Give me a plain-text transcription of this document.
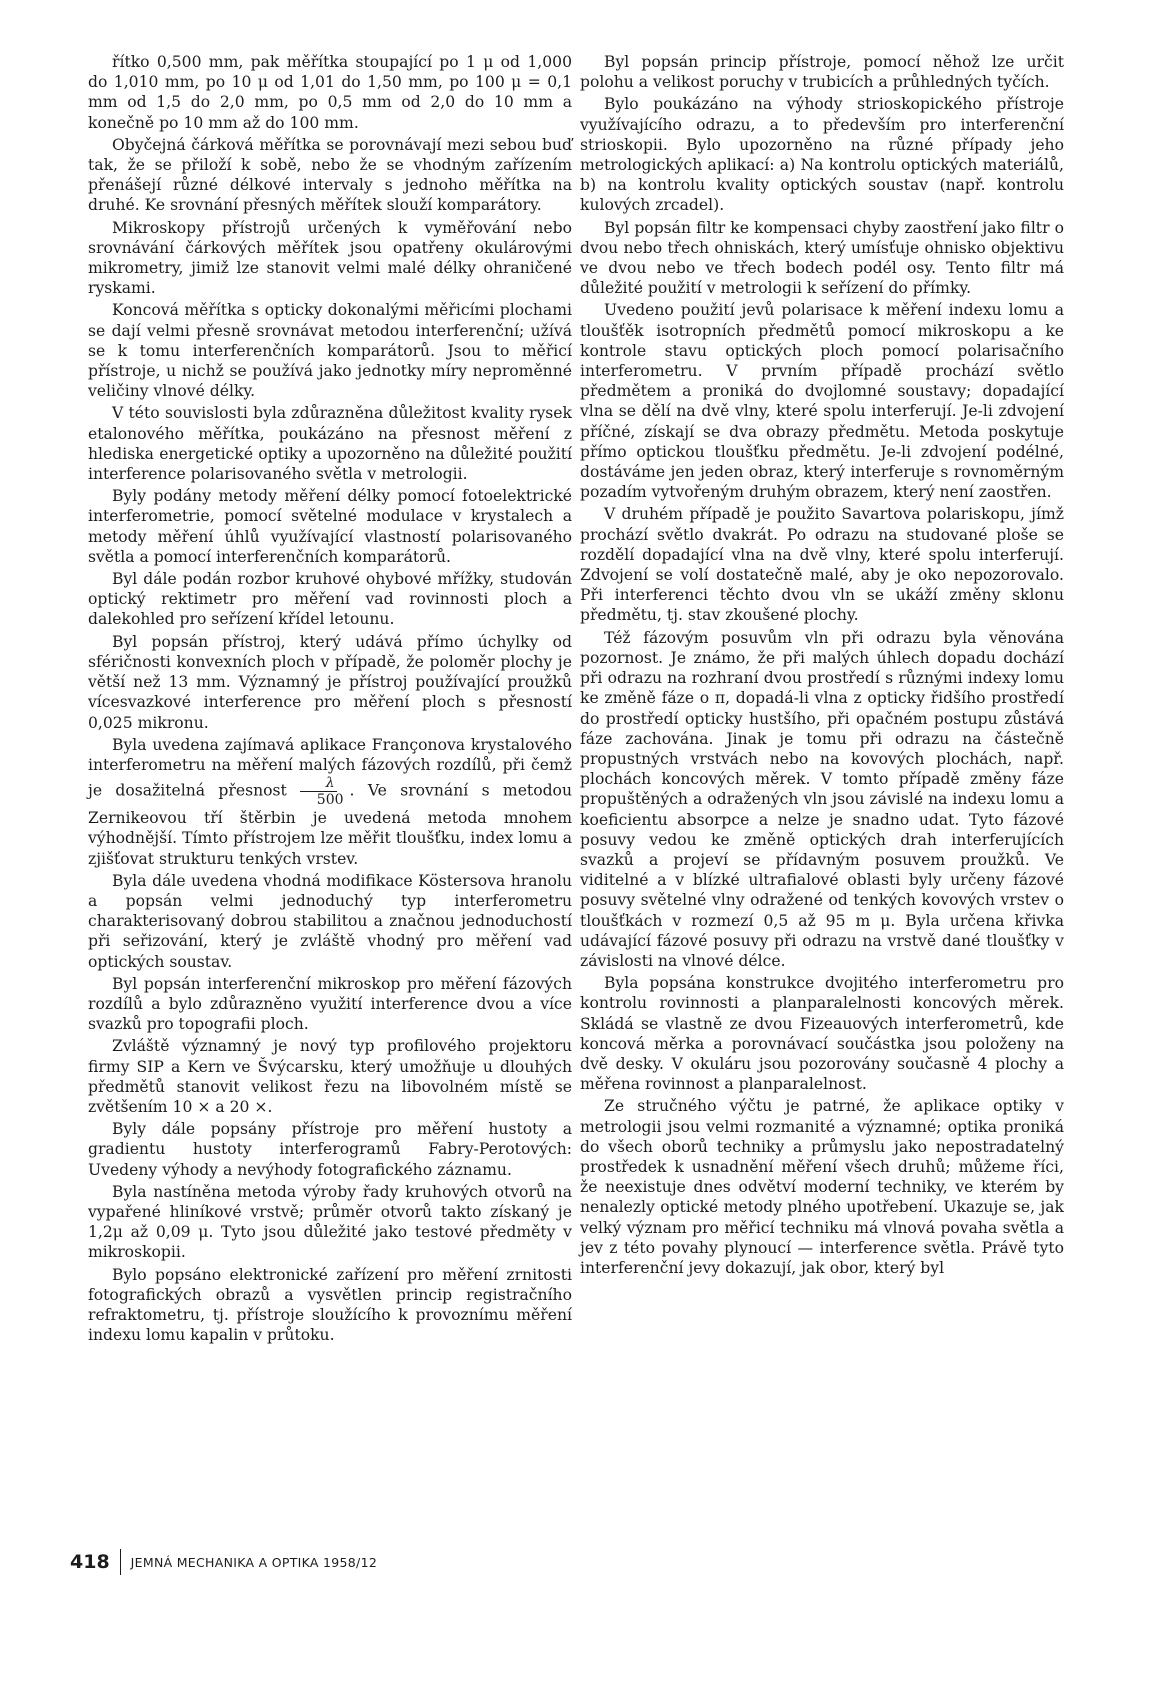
řítko 0,500 mm, pak měřítka stoupající po 1 μ od 1,000 do 1,010 mm, po 10 μ od 1,01 do 1,50 mm, po 100 μ = 0,1 mm od 1,5 do 2,0 mm, po 0,5 mm od 2,0 do 10 mm a konečně po 10 mm až do 100 mm.

Obyčejná čárková měřítka se porovnávají mezi sebou buď tak, že se přiloží k sobě, nebo že se vhodným zařízením přenášejí různé délkové intervaly s jednoho měřítka na druhé. Ke srovnání přesných měřítek slouží komparátory.

Mikroskopy přístrojů určených k vyměřování nebo srovnávání čárkových měřítek jsou opatřeny okulárovými mikrometry, jimiž lze stanovit velmi malé délky ohraničené ryskami.

Koncová měřítka s opticky dokonalými měřicími plochami se dají velmi přesně srovnávat metodou interferenční; užívá se k tomu interferenčních komparátorů. Jsou to měřicí přístroje, u nichž se používá jako jednotky míry neproměnné veličiny vlnové délky.

V této souvislosti byla zdůrazněna důležitost kvality rysek etalonového měřítka, poukázáno na přesnost měření z hlediska energetické optiky a upozorněno na důležité použití interference polarisovaného světla v metrologii.

Byly podány metody měření délky pomocí fotoelektrické interferometrie, pomocí světelné modulace v krystalech a metody měření úhlů využívající vlastností polarisovaného světla a pomocí interferenčních komparátorů.

Byl dále podán rozbor kruhové ohybové mřížky, studován optický rektimetr pro měření vad rovinnosti ploch a dalekohled pro seřízení křídel letounu.

Byl popsán přístroj, který udává přímo úchylky od sféričnosti konvexních ploch v případě, že poloměr plochy je větší než 13 mm. Významný je přístroj používající proužků vícesvazkové interference pro měření ploch s přesností 0,025 mikronu.

Byla uvedena zajímavá aplikace Françonova krystalového interferometru na měření malých fázových rozdílů, při čemž je dosažitelná přesnost $\frac{\lambda}{500}$ . Ve srovnání s metodou Zernikeovou tří štěrbin je uvedená metoda mnohem výhodnější. Tímto přístrojem lze měřit tloušťku, index lomu a zjišťovat strukturu tenkých vrstev.

Byla dále uvedena vhodná modifikace Köstersova hranolu a popsán velmi jednoduchý typ interferometru charakterisovaný dobrou stabilitou a značnou jednoduchostí při seřizování, který je zvláště vhodný pro měření vad optických soustav.

Byl popsán interferenční mikroskop pro měření fázových rozdílů a bylo zdůrazněno využití interference dvou a více svazků pro topografii ploch.

Zvláště významný je nový typ profilového projektoru firmy SIP a Kern ve Švýcarsku, který umožňuje u dlouhých předmětů stanovit velikost řezu na libovolném místě se zvětšením 10 × a 20 ×.

Byly dále popsány přístroje pro měření hustoty a gradientu hustoty interferogramů Fabry-Perotových: Uvedeny výhody a nevýhody fotografického záznamu.

Byla nastíněna metoda výroby řady kruhových otvorů na vypařené hliníkové vrstvě; průměr otvorů takto získaný je 1,2μ až 0,09 μ. Tyto jsou důležité jako testové předměty v mikroskopii.

Bylo popsáno elektronické zařízení pro měření zrnitosti fotografických obrazů a vysvětlen princip registračního refraktometru, tj. přístroje sloužícího k provoznímu měření indexu lomu kapalin v průtoku.

Byl popsán princip přístroje, pomocí něhož lze určit polohu a velikost poruchy v trubicích a průhledných tyčích.

Bylo poukázáno na výhody strioskopického přístroje využívajícího odrazu, a to především pro interferenční strioskopii. Bylo upozorněno na různé případy jeho metrologických aplikací: a) Na kontrolu optických materiálů, b) na kontrolu kvality optických soustav (např. kontrolu kulových zrcadel).

Byl popsán filtr ke kompensaci chyby zaostření jako filtr o dvou nebo třech ohniskách, který umísťuje ohnisko objektivu ve dvou nebo ve třech bodech podél osy. Tento filtr má důležité použití v metrologii k seřízení do přímky.

Uvedeno použití jevů polarisace k měření indexu lomu a tloušťěk isotropních předmětů pomocí mikroskopu a ke kontrole stavu optických ploch pomocí polarisačního interferometru. V prvním případě prochází světlo předmětem a proniká do dvojlomné soustavy; dopadající vlna se dělí na dvě vlny, které spolu interferují. Je-li zdvojení příčné, získají se dva obrazy předmětu. Metoda poskytuje přímo optickou tloušťku předmětu. Je-li zdvojení podélné, dostáváme jen jeden obraz, který interferuje s rovnoměrným pozadím vytvořeným druhým obrazem, který není zaostřen.

V druhém případě je použito Savartova polariskopu, jímž prochází světlo dvakrát. Po odrazu na studované ploše se rozdělí dopadající vlna na dvě vlny, které spolu interferují. Zdvojení se volí dostatečně malé, aby je oko nepozorovalo. Při interferenci těchto dvou vln se ukáží změny sklonu předmětu, tj. stav zkoušené plochy.

Též fázovým posuvům vln při odrazu byla věnována pozornost. Je známo, že při malých úhlech dopadu dochází při odrazu na rozhraní dvou prostředí s různými indexy lomu ke změně fáze o π, dopadá-li vlna z opticky řidšího prostředí do prostředí opticky hustšího, při opačném postupu zůstává fáze zachována. Jinak je tomu při odrazu na částečně propustných vrstvách nebo na kovových plochách, např. plochách koncových měrek. V tomto případě změny fáze propuštěných a odražených vln jsou závislé na indexu lomu a koeficientu absorpce a nelze je snadno udat. Tyto fázové posuvy vedou ke změně optických drah interferujících svazků a projeví se přídavným posuvem proužků. Ve viditelné a v blízké ultrafialové oblasti byly určeny fázové posuvy světelné vlny odražené od tenkých kovových vrstev o tloušťkách v rozmezí 0,5 až 95 m μ. Byla určena křivka udávající fázové posuvy při odrazu na vrstvě dané tloušťky v závislosti na vlnové délce.

Byla popsána konstrukce dvojitého interferometru pro kontrolu rovinnosti a planparalelnosti koncových měrek. Skládá se vlastně ze dvou Fizeauových interferometrů, kde koncová měrka a porovnávací součástka jsou položeny na dvě desky. V okuláru jsou pozorovány současně 4 plochy a měřena rovinnost a planparalelnost.

Ze stručného výčtu je patrné, že aplikace optiky v metrologii jsou velmi rozmanité a významné; optika proniká do všech oborů techniky a průmyslu jako nepostradatelný prostředek k usnadnění měření všech druhů; můžeme říci, že neexistuje dnes odvětví moderní techniky, ve kterém by nenalezly optické metody plného upotřebení. Ukazuje se, jak velký význam pro měřicí techniku má vlnová povaha světla a jev z této povahy plynoucí — interference světla. Právě tyto interferenční jevy dokazují, jak obor, který byl

418 JEMNÁ MECHANIKA A OPTIKA 1958/12
